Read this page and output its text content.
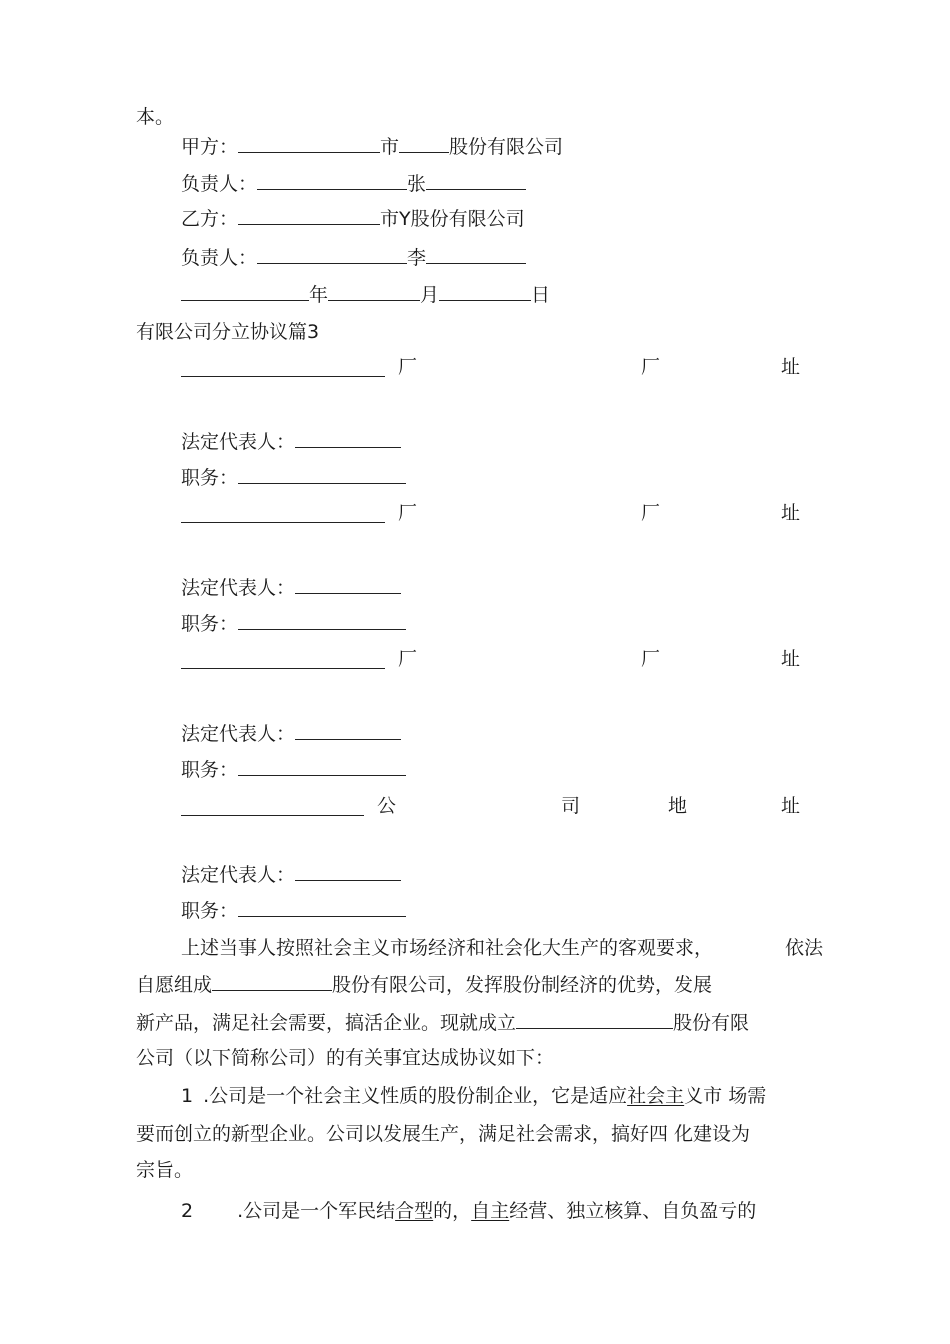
本。
甲方：	市	股份有限公司
负责人：	张
乙方：	市Y股份有限公司
负责人：	李
年	月	日
有限公司分立协议篇3
厂	厂	址
法定代表人：
职务：
厂	厂	址
法定代表人：
职务：
厂	厂	址
法定代表人：
职务：
公	司	地	址
法定代表人：
职务：
上述当事人按照社会主义市场经济和社会化大生产的客观要求，	依法
自愿组成	股份有限公司，发挥股份制经济的优势，发展
新产品，满足社会需要，搞活企业。现就成立	股份有限
公司（以下简称公司）的有关事宜达成协议如下：
1 .公司是一个社会主义性质的股份制企业，它是适应社会主义市 场需
要而创立的新型企业。公司以发展生产，满足社会需求，搞好四 化建设为
宗旨。
2 .公司是一个军民结合型的，自主经营、独立核算、自负盈亏的
